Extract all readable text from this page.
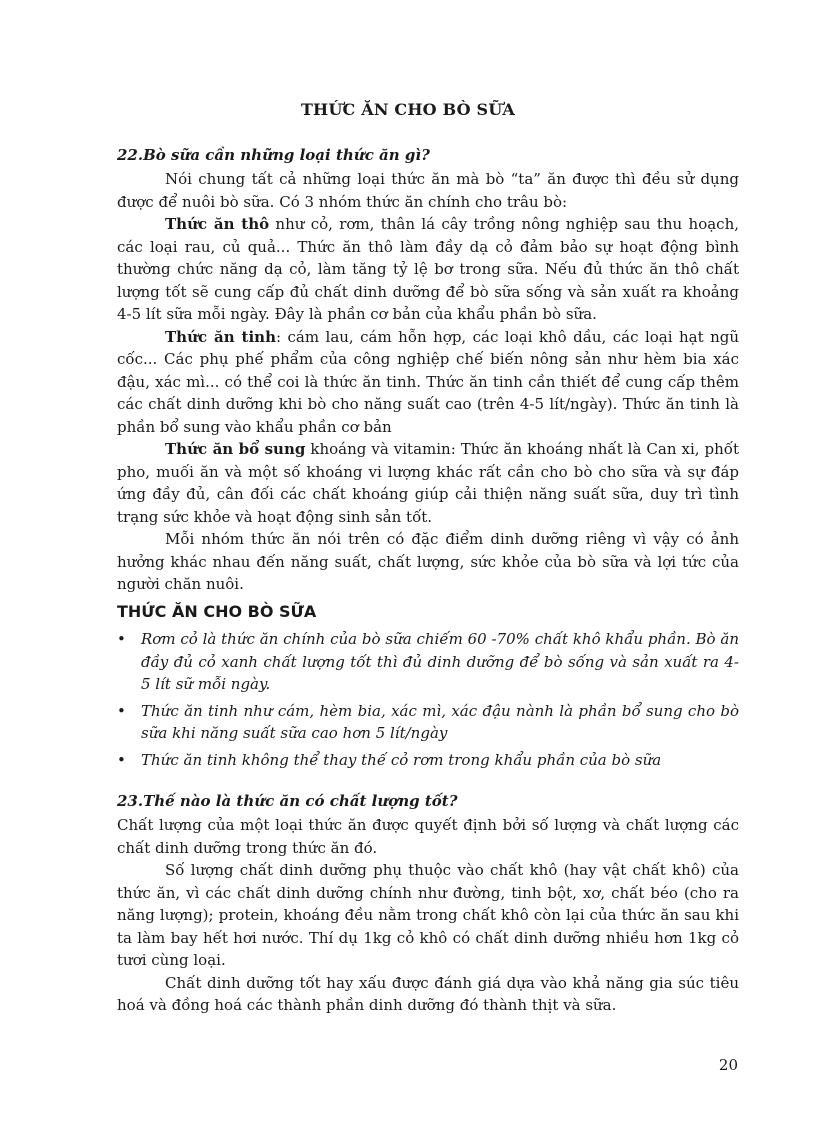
THỨC ĂN CHO BÒ SỮA
22.Bò sữa cần những loại thức ăn gì?

Nói chung tất cả những loại thức ăn mà bò “ta” ăn được thì đều sử dụng được để nuôi bò sữa. Có 3 nhóm thức ăn chính cho trâu bò:

Thức ăn thô như cỏ, rơm, thân lá cây trồng nông nghiệp sau thu hoạch, các loại rau, củ quả... Thức ăn thô làm đầy dạ cỏ đảm bảo sự hoạt động bình thường chức năng dạ cỏ, làm tăng tỷ lệ bơ trong sữa. Nếu đủ thức ăn thô chất lượng tốt sẽ cung cấp đủ chất dinh dưỡng để bò sữa sống và sản xuất ra khoảng 4-5 lít sữa mỗi ngày. Đây là phần cơ bản của khẩu phần bò sữa.

Thức ăn tinh: cám lau, cám hỗn hợp, các loại khô dầu, các loại hạt ngũ cốc... Các phụ phế phẩm của công nghiệp chế biến nông sản như hèm bia xác đậu, xác mì... có thể coi là thức ăn tinh. Thức ăn tinh cần thiết để cung cấp thêm các chất dinh dưỡng khi bò cho năng suất cao (trên 4-5 lít/ngày). Thức ăn tinh là phần bổ sung vào khẩu phần cơ bản

Thức ăn bổ sung khoáng và vitamin: Thức ăn khoáng nhất là Can xi, phốt pho, muối ăn và một số khoáng vi lượng khác rất cần cho bò cho sữa và sự đáp ứng đầy đủ, cân đối các chất khoáng giúp cải thiện năng suất sữa, duy trì tình trạng sức khỏe và hoạt động sinh sản tốt.

Mỗi nhóm thức ăn nói trên có đặc điểm dinh dưỡng riêng vì vậy có ảnh hưởng khác nhau đến năng suất, chất lượng, sức khỏe của bò sữa và lợi tức của người chăn nuôi.

THỨC ĂN CHO BÒ SỮA
• Rơm cỏ là thức ăn chính của bò sữa chiếm 60 -70% chất khô khẩu phần. Bò ăn đầy đủ cỏ xanh chất lượng tốt thì đủ dinh dưỡng để bò sống và sản xuất ra 4- 5 lít sữ mỗi ngày.
• Thức ăn tinh như cám, hèm bia, xác mì, xác đậu nành là phần bổ sung cho bò sữa khi năng suất sữa cao hơn 5 lít/ngày
• Thức ăn tinh không thể thay thế cỏ rơm trong khẩu phần của bò sữa
23.Thế nào là thức ăn có chất lượng tốt?

Chất lượng của một loại thức ăn được quyết định bởi số lượng và chất lượng các chất dinh dưỡng trong thức ăn đó.

Số lượng chất dinh dưỡng phụ thuộc vào chất khô (hay vật chất khô) của thức ăn, vì các chất dinh dưỡng chính như đường, tinh bột, xơ, chất béo (cho ra năng lượng); protein, khoáng đều nằm trong chất khô còn lại của thức ăn sau khi ta làm bay hết hơi nước. Thí dụ 1kg cỏ khô có chất dinh dưỡng nhiều hơn 1kg cỏ tươi cùng loại.

Chất dinh dưỡng tốt hay xấu được đánh giá dựa vào khả năng gia súc tiêu hoá và đồng hoá các thành phần dinh dưỡng đó thành thịt và sữa.

20
